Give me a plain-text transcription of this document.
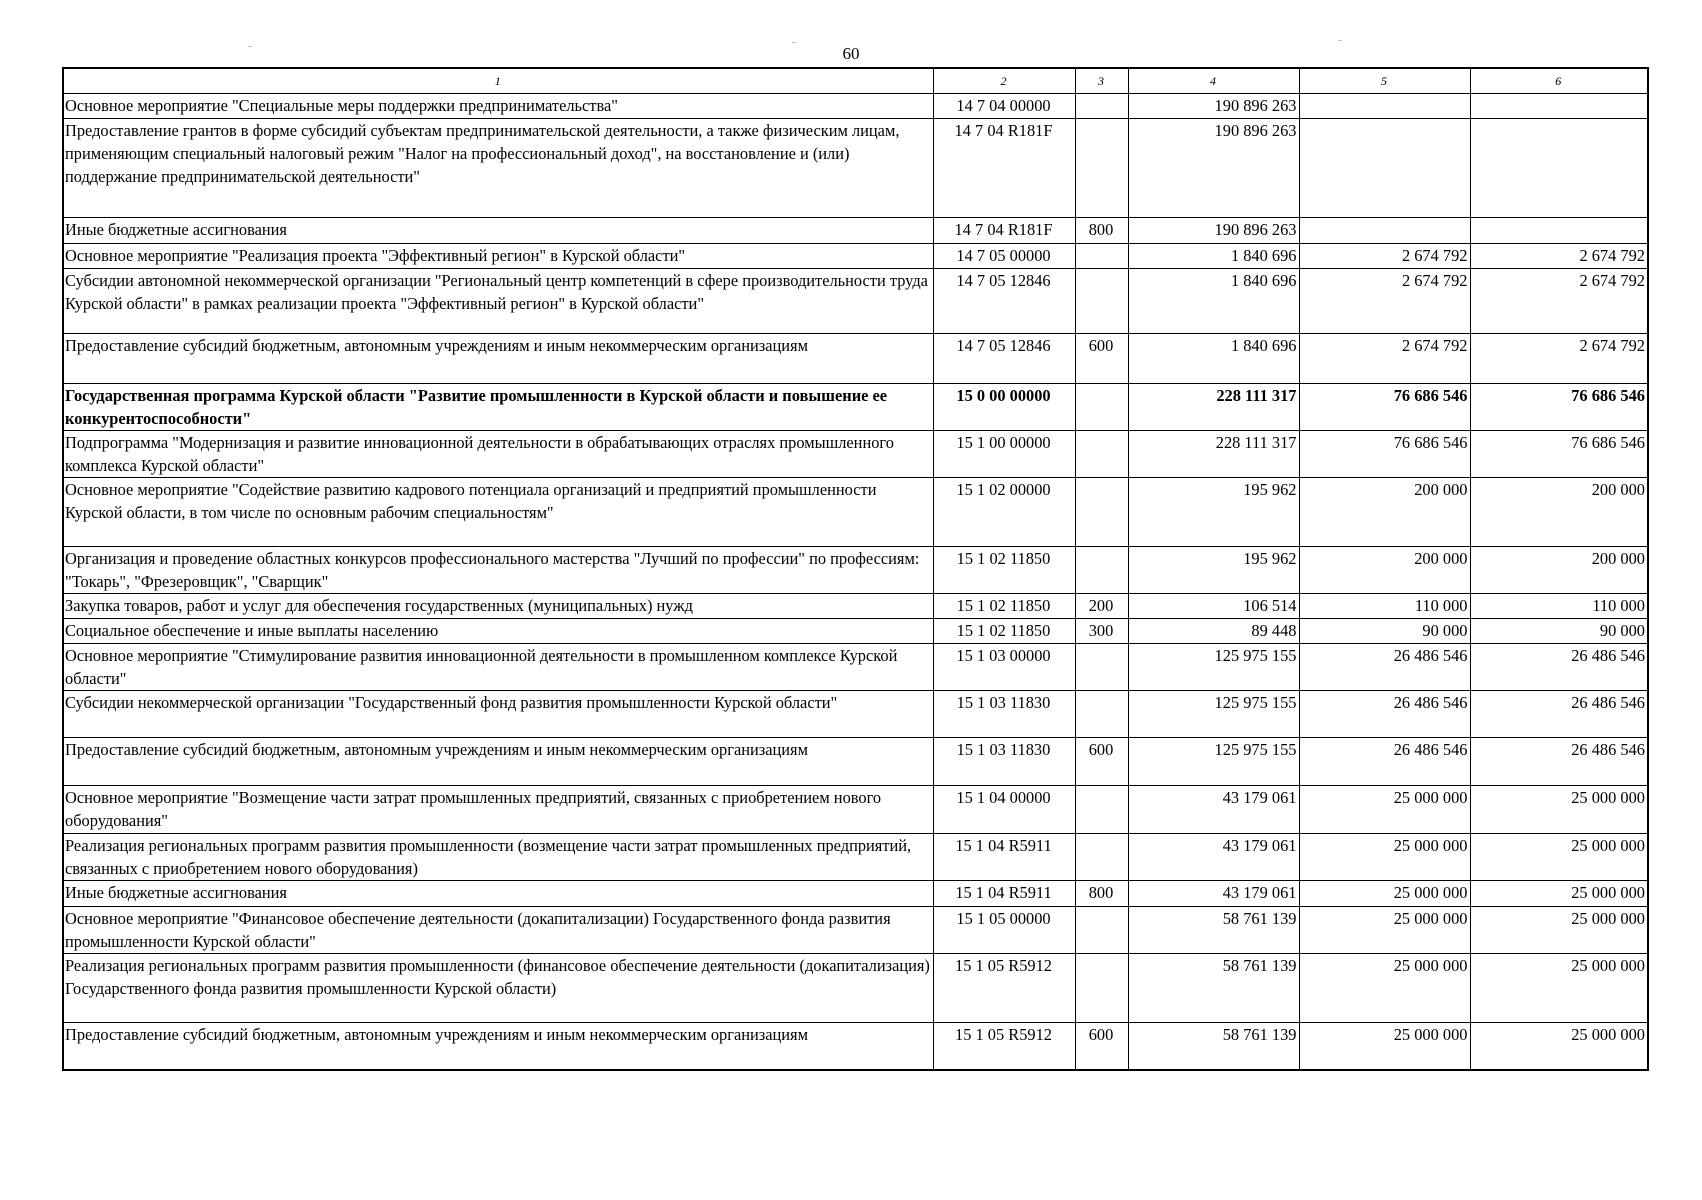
60
-	-	-
1	2	3	4	5	6
Основное мероприятие "Специальные меры поддержки предпринимательства"	14 7 04 00000		190 896 263		
Предоставление грантов в форме субсидий субъектам предпринимательской деятельности, а также физическим лицам, применяющим специальный налоговый режим "Налог на профессиональный доход", на восстановление и (или) поддержание предпринимательской деятельности"	14 7 04 R181F		190 896 263		
Иные бюджетные ассигнования	14 7 04 R181F	800	190 896 263		
Основное мероприятие "Реализация проекта "Эффективный регион" в Курской области"	14 7 05 00000		1 840 696	2 674 792	2 674 792
Субсидии автономной некоммерческой организации "Региональный центр компетенций в сфере производительности труда Курской области" в рамках реализации проекта "Эффективный регион" в Курской области"	14 7 05 12846		1 840 696	2 674 792	2 674 792
Предоставление субсидий бюджетным, автономным учреждениям и иным некоммерческим организациям	14 7 05 12846	600	1 840 696	2 674 792	2 674 792
Государственная программа Курской области "Развитие промышленности в Курской области и повышение ее конкурентоспособности"	15 0 00 00000		228 111 317	76 686 546	76 686 546
Подпрограмма "Модернизация и развитие инновационной деятельности в обрабатывающих отраслях промышленного комплекса Курской области"	15 1 00 00000		228 111 317	76 686 546	76 686 546
Основное мероприятие "Содействие развитию кадрового потенциала организаций и предприятий промышленности Курской области, в том числе по основным рабочим специальностям"	15 1 02 00000		195 962	200 000	200 000
Организация и проведение областных конкурсов профессионального мастерства "Лучший по профессии" по профессиям: "Токарь", "Фрезеровщик", "Сварщик"	15 1 02 11850		195 962	200 000	200 000
Закупка товаров, работ и услуг для обеспечения государственных (муниципальных) нужд	15 1 02 11850	200	106 514	110 000	110 000
Социальное обеспечение и иные выплаты населению	15 1 02 11850	300	89 448	90 000	90 000
Основное мероприятие "Стимулирование развития инновационной деятельности в промышленном комплексе Курской области"	15 1 03 00000		125 975 155	26 486 546	26 486 546
Субсидии некоммерческой организации "Государственный фонд развития промышленности Курской области"	15 1 03 11830		125 975 155	26 486 546	26 486 546
Предоставление субсидий бюджетным, автономным учреждениям и иным некоммерческим организациям	15 1 03 11830	600	125 975 155	26 486 546	26 486 546
Основное мероприятие "Возмещение части затрат промышленных предприятий, связанных с приобретением нового оборудования"	15 1 04 00000		43 179 061	25 000 000	25 000 000
Реализация региональных программ развития промышленности (возмещение части затрат промышленных предприятий, связанных с приобретением нового оборудования)	15 1 04 R5911		43 179 061	25 000 000	25 000 000
Иные бюджетные ассигнования	15 1 04 R5911	800	43 179 061	25 000 000	25 000 000
Основное мероприятие "Финансовое обеспечение деятельности (докапитализации) Государственного фонда развития промышленности Курской области"	15 1 05 00000		58 761 139	25 000 000	25 000 000
Реализация региональных программ развития промышленности (финансовое обеспечение деятельности (докапитализация) Государственного фонда развития промышленности Курской области)	15 1 05 R5912		58 761 139	25 000 000	25 000 000
Предоставление субсидий бюджетным, автономным учреждениям и иным некоммерческим организациям	15 1 05 R5912	600	58 761 139	25 000 000	25 000 000
